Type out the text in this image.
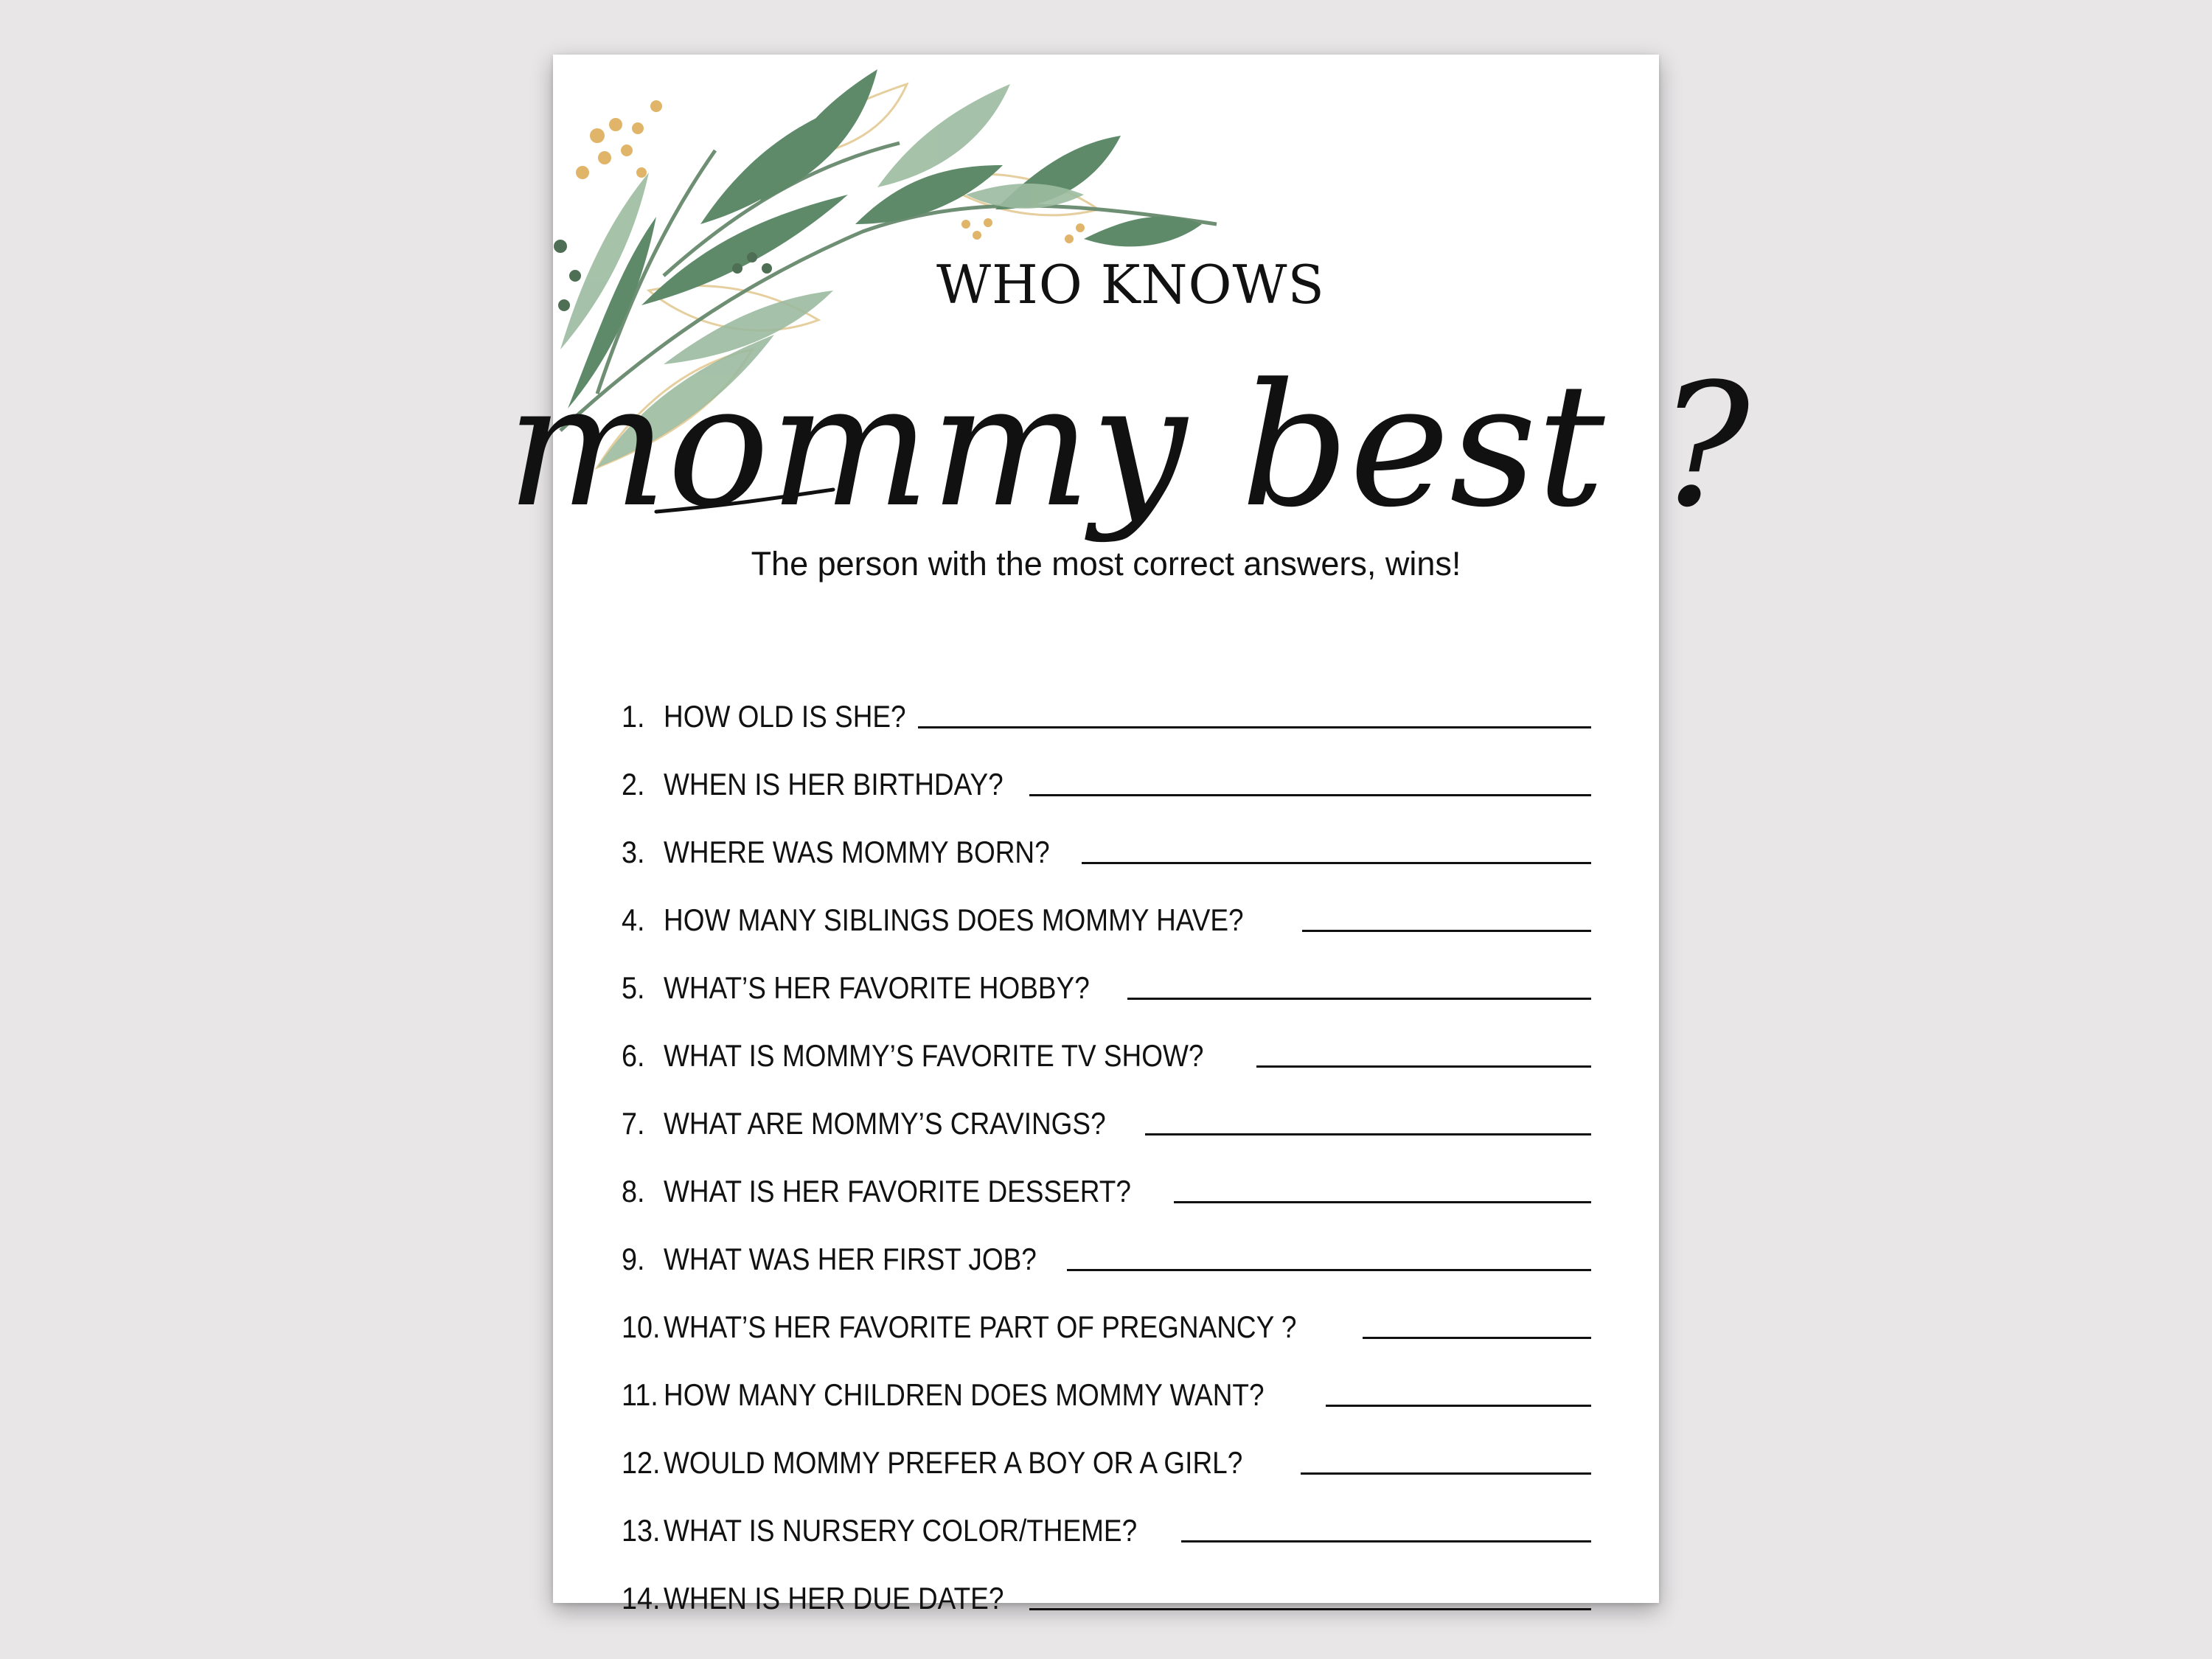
WHO KNOWS
mommy best ?
The person with the most correct answers, wins!
1. HOW OLD IS SHE?
2. WHEN IS HER BIRTHDAY?
3. WHERE WAS MOMMY BORN?
4. HOW MANY SIBLINGS DOES MOMMY HAVE?
5. WHAT’S HER FAVORITE HOBBY?
6. WHAT IS MOMMY’S FAVORITE TV SHOW?
7. WHAT ARE MOMMY’S CRAVINGS?
8. WHAT IS HER FAVORITE DESSERT?
9. WHAT WAS HER FIRST JOB?
10. WHAT’S HER FAVORITE PART OF PREGNANCY ?
11. HOW MANY CHILDREN DOES MOMMY WANT?
12. WOULD MOMMY PREFER A BOY OR A GIRL?
13. WHAT IS NURSERY COLOR/THEME?
14. WHEN IS HER DUE DATE?
